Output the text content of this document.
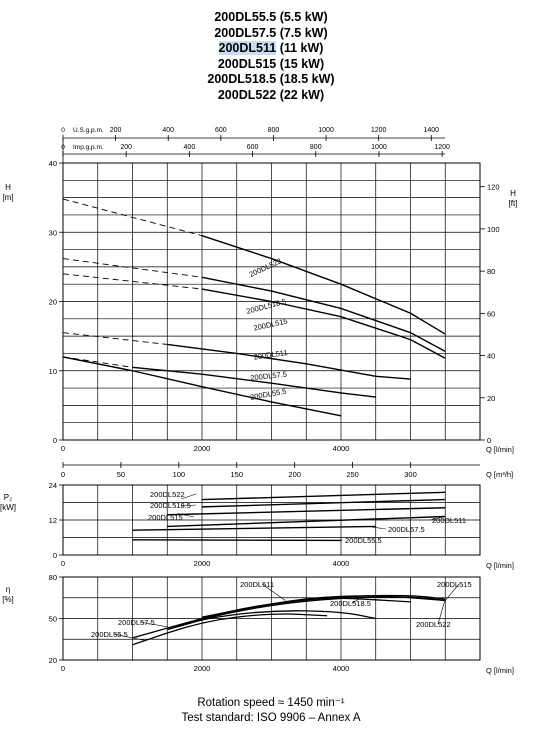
200DL55.5 (5.5 kW)
200DL57.5 (7.5 kW)
200DL511 (11 kW)
200DL515 (15 kW)
200DL518.5 (18.5 kW)
200DL522 (22 kW)
0 U.S.g.p.m. 200	400	600	800	1000	1200	1400
0 Imp.g.p.m. 200	400	600	800	1000	1200
0
10
20
30
40
H
[m]
0
20
40
60
80
100
120
H
[ft]
0	2000	4000	Q [l/min]
200DL522
200DL518.5
200DL515
200DL511
200DL57.5
200DL55.5
0	50	100	150	200	250	300	Q [m³/h]
0
12
24
P₂
[kW]
0	2000	4000	Q [l/min]
200DL522
200DL518.5
200DL515	200DL511
200DL57.5
200DL55.5
20
50
80
η
[%]
0	2000	4000	Q [l/min]
200DL511	200DL515
200DL518.5
200DL522
200DL57.5
200DL55.5
Rotation speed ≈ 1450 min⁻¹
Test standard: ISO 9906 – Annex A
